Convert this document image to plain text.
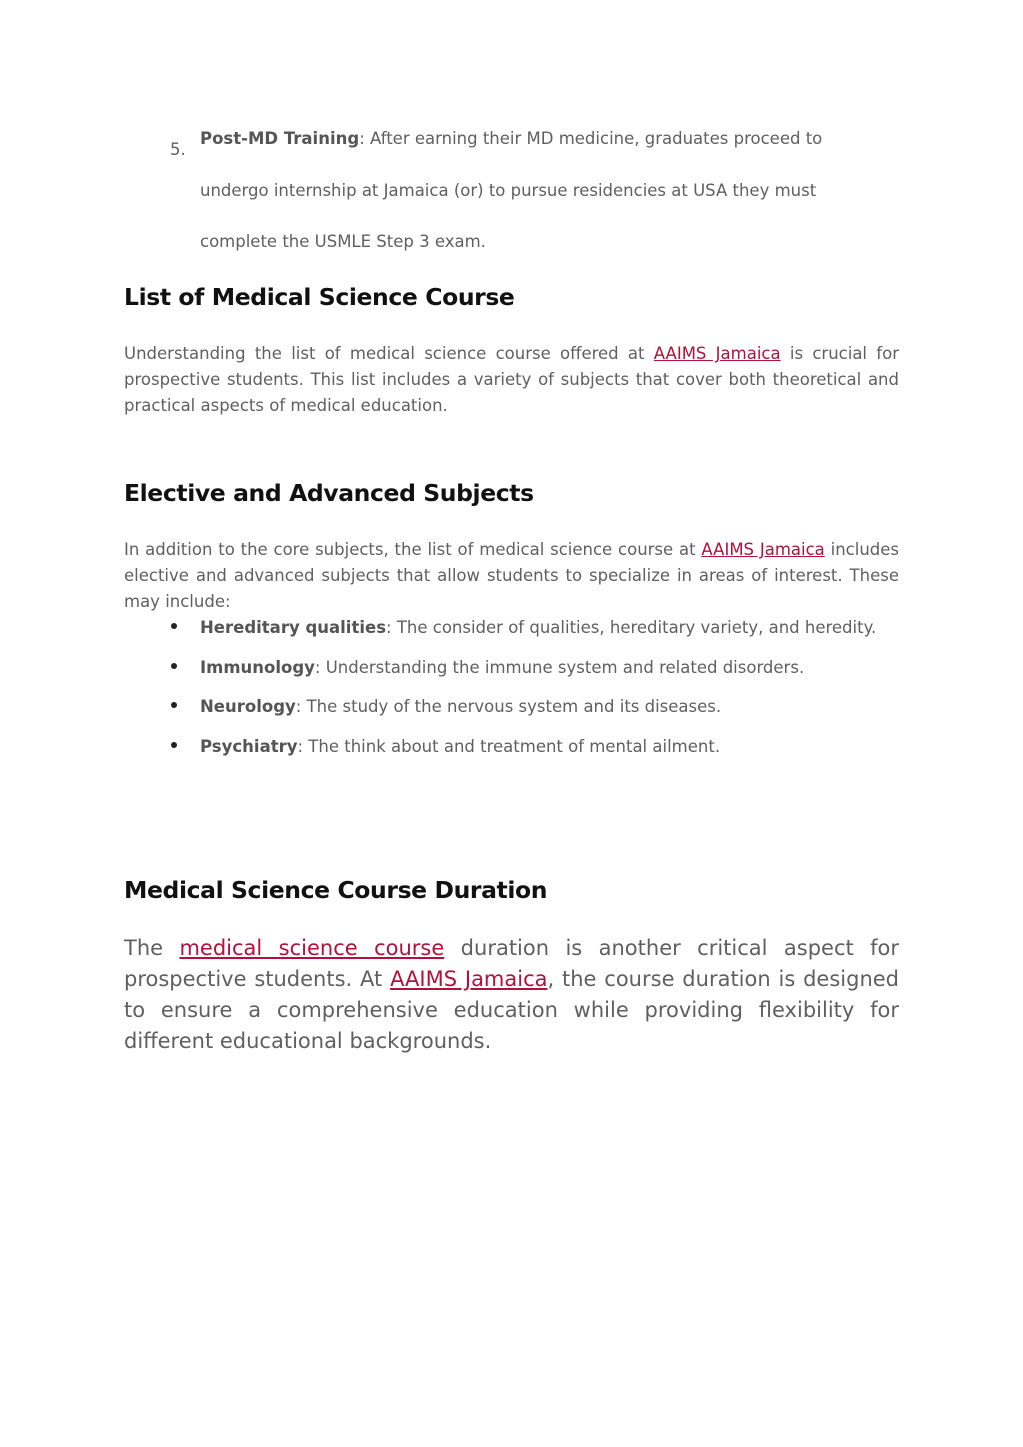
5.
Post-MD Training: After earning their MD medicine, graduates proceed to undergo internship at Jamaica (or) to pursue residencies at USA they must complete the USMLE Step 3 exam.
List of Medical Science Course

Understanding the list of medical science course offered at AAIMS Jamaica is crucial for prospective students. This list includes a variety of subjects that cover both theoretical and practical aspects of medical education.

Elective and Advanced Subjects

In addition to the core subjects, the list of medical science course at AAIMS Jamaica includes elective and advanced subjects that allow students to specialize in areas of interest. These may include:

Hereditary qualities: The consider of qualities, hereditary variety, and heredity.
Immunology: Understanding the immune system and related disorders.
Neurology: The study of the nervous system and its diseases.
Psychiatry: The think about and treatment of mental ailment.
Medical Science Course Duration

The medical science course duration is another critical aspect for prospective students. At AAIMS Jamaica, the course duration is designed to ensure a comprehensive education while providing flexibility for different educational backgrounds.
